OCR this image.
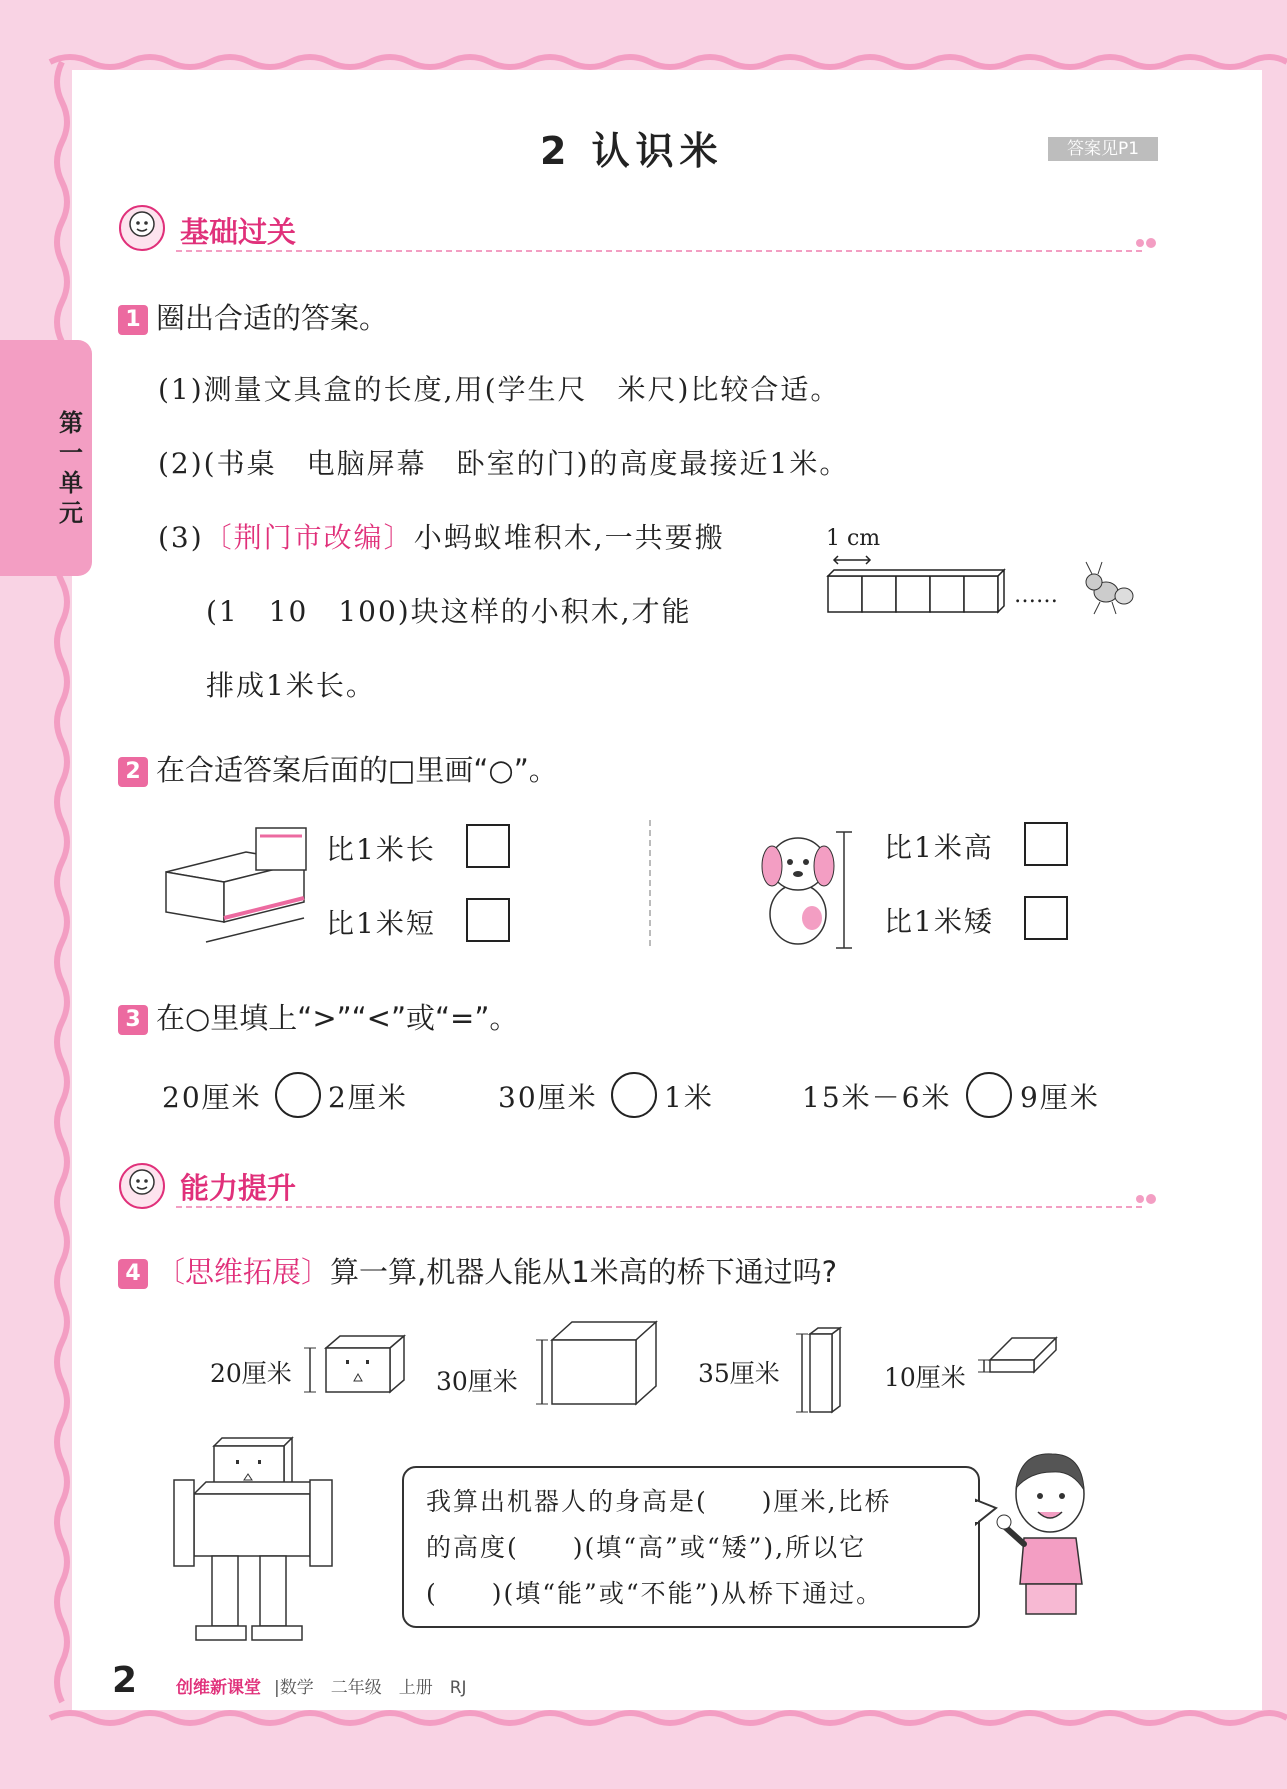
第一单元
2 认识米	答案见P1
基础过关
1 圈出合适的答案。
(1)测量文具盒的长度,用(学生尺　米尺)比较合适。
(2)(书桌　电脑屏幕　卧室的门)的高度最接近1米。
(3)〔荆门市改编〕小蚂蚁堆积木,一共要搬
(1　10　100)块这样的小积木,才能
排成1米长。
1 cm
……
2 在合适答案后面的□里画“○”。
比1米长
比1米短
比1米高
比1米矮
3 在○里填上“>”“<”或“=”。
20厘米 2厘米	30厘米 1米	15米－6米 9厘米
能力提升
4 〔思维拓展〕算一算,机器人能从1米高的桥下通过吗?
20厘米	30厘米	35厘米	10厘米
我算出机器人的身高是(　　)厘米,比桥
的高度(　　)(填“高”或“矮”),所以它
(　　)(填“能”或“不能”)从桥下通过。
2 创维新课堂 |数学　二年级　上册　RJ
